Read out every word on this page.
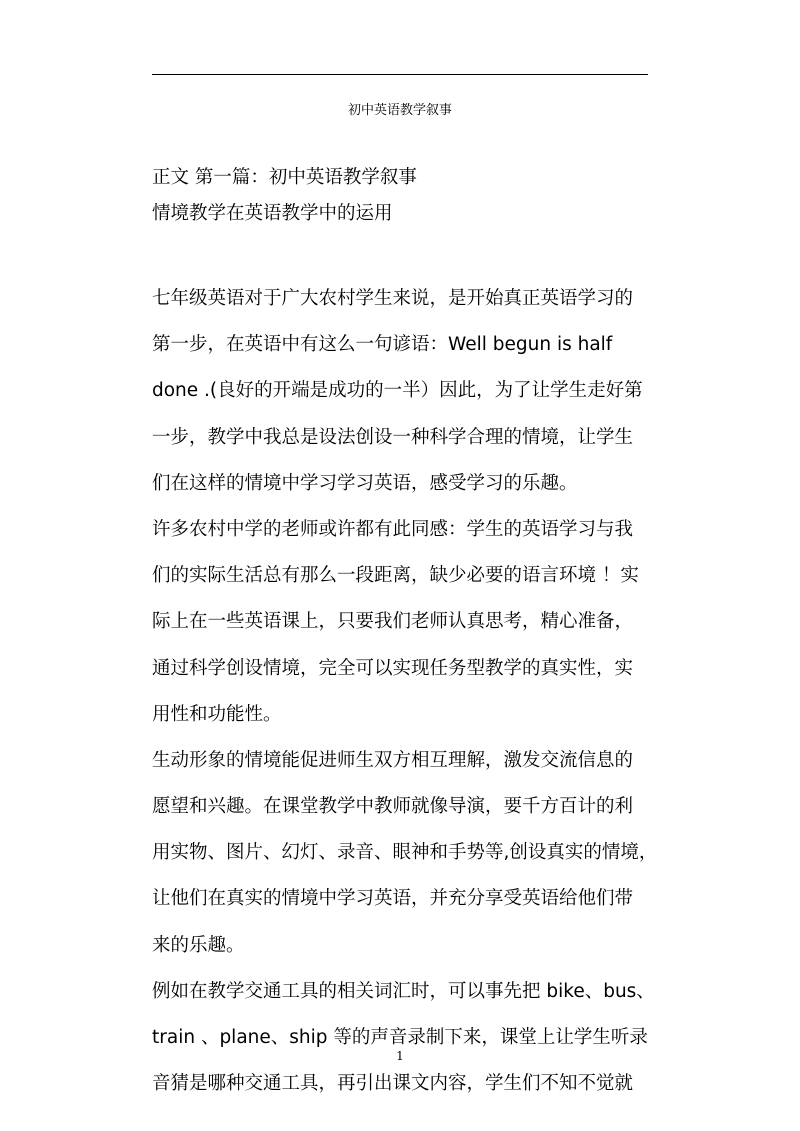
初中英语教学叙事
正文 第一篇：初中英语教学叙事
情境教学在英语教学中的运用
七年级英语对于广大农村学生来说，是开始真正英语学习的
第一步，在英语中有这么一句谚语：Well begun is half
done .(良好的开端是成功的一半）因此，为了让学生走好第
一步，教学中我总是设法创设一种科学合理的情境，让学生
们在这样的情境中学习学习英语，感受学习的乐趣。
许多农村中学的老师或许都有此同感：学生的英语学习与我
们的实际生活总有那么一段距离，缺少必要的语言环境 ！实
际上在一些英语课上，只要我们老师认真思考，精心准备，
通过科学创设情境，完全可以实现任务型教学的真实性，实
用性和功能性。
生动形象的情境能促进师生双方相互理解，激发交流信息的
愿望和兴趣。在课堂教学中教师就像导演，要千方百计的利
用实物、图片、幻灯、录音、眼神和手势等,创设真实的情境，
让他们在真实的情境中学习英语，并充分享受英语给他们带
来的乐趣。
例如在教学交通工具的相关词汇时，可以事先把 bike、bus、
train 、plane、ship 等的声音录制下来，课堂上让学生听录
音猜是哪种交通工具，再引出课文内容，学生们不知不觉就
1
